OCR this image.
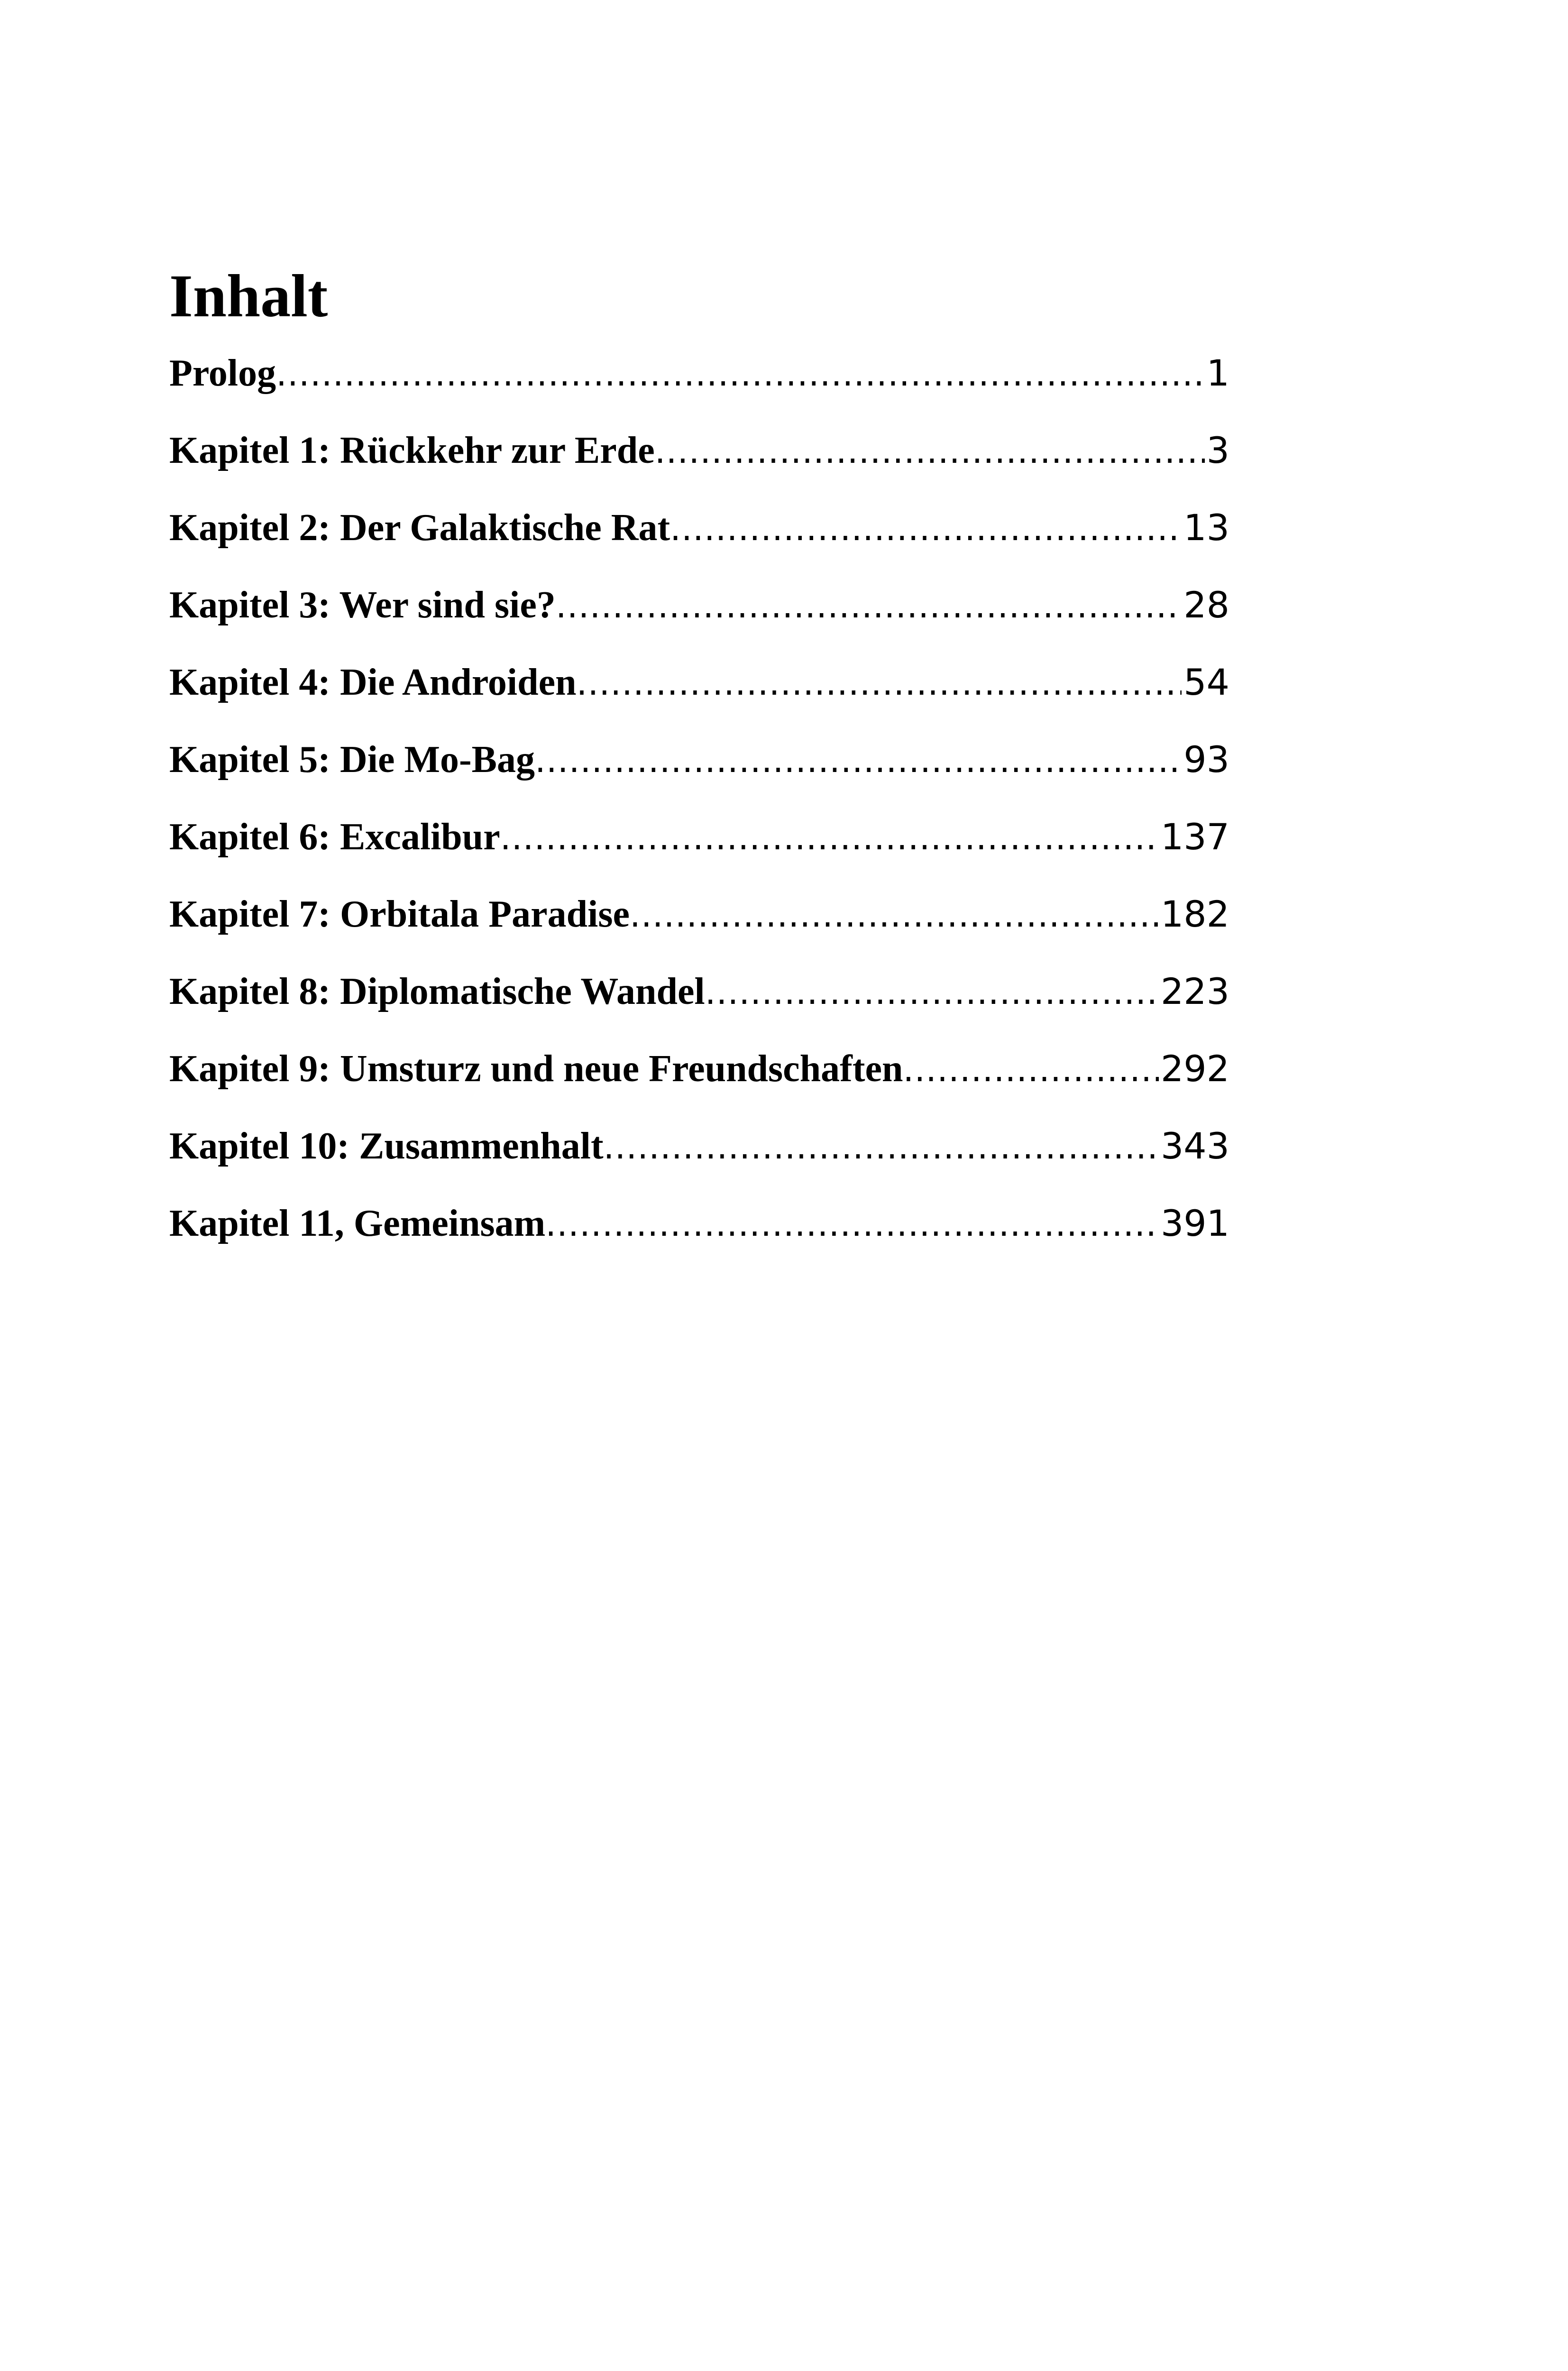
Inhalt
Prolog .....	1
Kapitel 1: Rückkehr zur Erde .....	3
Kapitel 2: Der Galaktische Rat .....	13
Kapitel 3: Wer sind sie? .....	28
Kapitel 4: Die Androiden .....	54
Kapitel 5: Die Mo-Bag .....	93
Kapitel 6: Excalibur .....	137
Kapitel 7: Orbitala Paradise .....	182
Kapitel 8: Diplomatische Wandel .....	223
Kapitel 9: Umsturz und neue Freundschaften .....	292
Kapitel 10: Zusammenhalt .....	343
Kapitel 11, Gemeinsam .....	391
